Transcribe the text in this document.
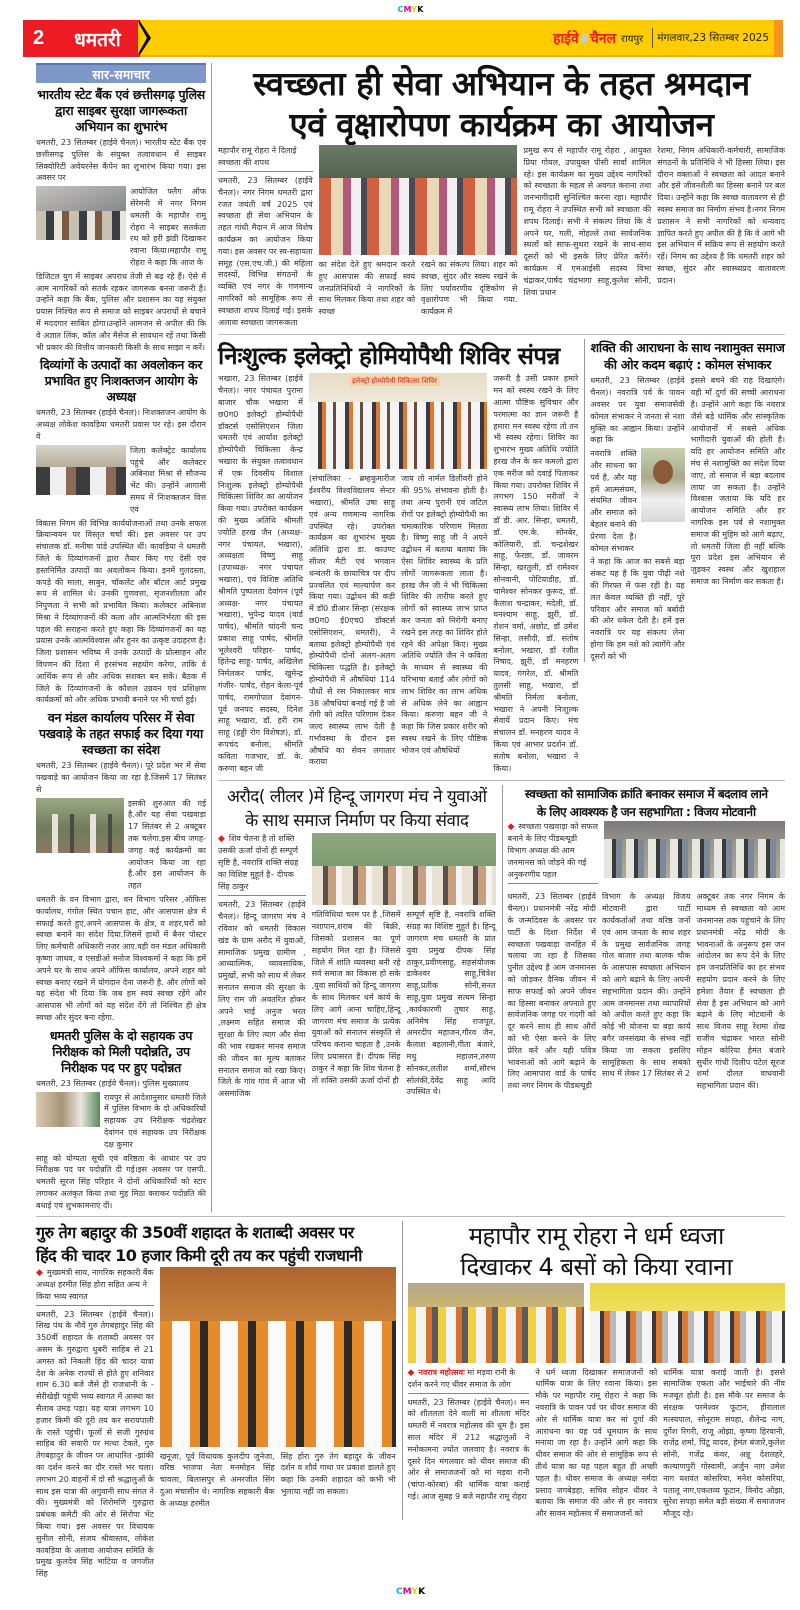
CMYK
2 धमतरी	हाईवे चैनल रायपुर मंगलवार,23 सितम्बर 2025
सार-समाचार
भारतीय स्टेट बैंक एवं छत्तीसगढ़ पुलिस द्वारा साइबर सुरक्षा जागरूकता अभियान का शुभारंभ
धमतरी, 23 सितम्बर (हाईवे चैनल)। भारतीय स्टेट बैंक एवं छत्तीसगढ़ पुलिस के संयुक्त तत्वावधान में साइबर सिक्योरिटी अवेयरनेस कैंपेन का शुभारंभ किया गया। इस अवसर पर
आयोजित फ्लैग ऑफ सेरेमनी में नगर निगम धमतरी के महापौर रामू रोहरा ने साइबर सतर्कता रथ को हरी झंडी दिखाकर रवाना किया।महापौर रामू रोहरा ने कहा कि आज के
डिजिटल युग में साइबर अपराध तेजी से बढ़ रहे हैं। ऐसे में आम नागरिकों को सतर्क रहकर जागरूक बनना जरूरी है। उन्होंने कहा कि बैंक, पुलिस और प्रशासन का यह संयुक्त प्रयास निश्चित रूप से समाज को साइबर अपराधों से बचाने में मददगार साबित होगा।उन्होंने आमजन से अपील की कि वे अज्ञात लिंक, कॉल और मैसेज से सावधान रहें तथा किसी भी प्रकार की वित्तीय जानकारी किसी के साथ साझा न करें।
दिव्यांगों के उत्पादों का अवलोकन कर प्रभावित हुए निःशक्तजन आयोग के अध्यक्ष
धमतरी, 23 सितम्बर (हाईवे चैनल)। निःशक्तजन आयोग के अध्यक्ष लोकेश कावड़िया धमतरी प्रवास पर रहे। इस दौरान वे
जिला कलेक्ट्रेट कार्यालय पहुंचे और कलेक्टर अबिनाश मिश्रा से सौजन्य भेंट की। उन्होंने आगामी समय में निःशक्तजन वित्त एवं
विकास निगम की विभिन्न कार्ययोजनाओं तथा उनके सफल क्रियान्वयन पर विस्तृत चर्चा की। इस अवसर पर उप संचालक डॉ. मनीषा पांडे उपस्थित थीं। कावड़िया ने धमतरी जिले के दिव्यांगजनों द्वारा तैयार किए गए देसी एवं हस्तनिर्मित उत्पादों का अवलोकन किया। इनमें गुलदस्ता, कपड़े की माला, साबुन, चॉकलेट और बॉटल आर्ट प्रमुख रूप से शामिल थे। उनकी गुणवत्ता, सृजनशीलता और निपुणता ने सभी को प्रभावित किया। कलेक्टर अबिनाश मिश्रा ने दिव्यांगजनों की कला और आत्मनिर्भरता की इस पहल की सराहना करते हुए कहा कि दिव्यांगजनों का यह प्रयास उनके आत्मविश्वास और हुनर का उत्कृष्ट उदाहरण है। जिला प्रशासन भविष्य में उनके उत्पादों के प्रोत्साहन और विपणन की दिशा में हरसंभव सहयोग करेगा, ताकि वे आर्थिक रूप से और अधिक सशक्त बन सकें। बैठक में जिले के दिव्यांगजनों के कौशल उन्नयन एवं प्रशिक्षण कार्यक्रमों को और अधिक प्रभावी बनाने पर भी चर्चा हुई।
वन मंडल कार्यालय परिसर में सेवा पखवाड़े के तहत सफाई कर दिया गया स्वच्छता का संदेश
धमतरी, 23 सितम्बर (हाईवे चैनल)। पूरे प्रदेश भर में सेवा पखवाड़े का आयोजन किया जा रहा है.जिसमें 17 सितंबर से
इसकी शुरुआत की गई है.और यह सेवा पखवाड़ा 17 सितंबर से 2 अक्टूबर तक चलेगा.इस बीच जगह-जगह कई कार्यक्रमों का आयोजन किया जा रहा है.और इस आयोजन के तहत
धमतरी के वन विभाग द्वारा, वन विभाग परिसर ,ऑफिस कार्यालय, गंगोल स्थित पचान हाट, और आसपास क्षेत्र में सफाई करते हुए,अपने आसपास के क्षेत्र, व शहर,घरों को स्वच्छ बनाने का संदेश दिया.जिसमें हाथों में बैनर पोस्टर लिए कर्मचारी अधिकारी नजर आए.वही वन मंडल अधिकारी कृष्णा जाधव, व एसडीओ मनोज विश्वकर्मा ने कहा कि हमें अपने घर के साथ अपने ऑफिस कार्यालय, अपने शहर को स्वच्छ बनाए रखने में योगदान देना जरूरी है. और लोगों को यह संदेश भी दिया कि जब हम स्वयं स्वच्छ रहेंगे और आसपास भी लोगों को यह संदेश देंगे तो निश्चित ही क्षेत्र स्वच्छ और सुंदर बना रहेगा.
धमतरी पुलिस के दो सहायक उप निरीक्षक को मिली पदोन्नति, उप निरीक्षक पद पर हुए पदोन्नत
धमतरी, 23 सितम्बर (हाईवे चैनल)। पुलिस मुख्यालय
रायपुर से आदेशानुसार धमतरी जिले में पुलिस विभाग के दो अधिकारियों सहायक उप निरीक्षक चंद्रशेखर देवांगन एवं सहायक उप निरीक्षक दक्ष कुमार
साहू को योग्यता सूची एवं वरिष्ठता के आधार पर उप निरीक्षक पद पर पदोन्नति दी गई।इस अवसर पर एसपी. धमतरी सूरज सिंह परिहार ने दोनों अधिकारियों को स्टार लगाकर अलंकृत किया तथा मुंह मिठा कराकर पदोन्नति की बधाई एवं शुभकामनाएं दीं।
स्वच्छता ही सेवा अभियान के तहत श्रमदान
एवं वृक्षारोपण कार्यक्रम का आयोजन
महापौर रामू रोहरा ने दिलाई स्वच्छता की शपथ
धमतरी, 23 सितम्बर (हाईवे चैनल)। नगर निगम धमतरी द्वारा रजत जयंती वर्ष 2025 एवं स्वच्छता ही सेवा अभियान के तहत गांधी मैदान में आज विशेष कार्यक्रम का आयोजन किया गया। इस अवसर पर स्व-सहायता समूह (एस.एच.जी.) की महिला सदस्यों, विभिन्न संगठनों के व्यक्ति एवं नगर के गणमान्य नागरिकों को सामूहिक रूप से स्वच्छता शपथ दिलाई गई। इसके अलावा स्वच्छता जागरूकता
का संदेश देते हुए श्रमदान करते हुए आसपास की सफाई स्वयं जनप्रतिनिधियों ने नागरिकों के साथ मिलकर किया तथा शहर को स्वच्छ
रखने का संकल्प लिया। शहर को स्वच्छ, सुंदर और स्वस्थ रखने के लिए पर्यावरणीय दृष्टिकोण से वृक्षारोपण भी किया गया. कार्यक्रम में
प्रमुख रूप से महापौर रामू रोहरा , आयुक्त प्रिया गोयल, उपायुक्त पीसी सार्वा शामिल रहे। इस कार्यक्रम का मुख्य उद्देश्य नागरिकों को स्वच्छता के महत्व से अवगत कराना तथा जनभागीदारी सुनिश्चित करना रहा। महापौर रामू रोहरा ने उपस्थित सभी को स्वच्छता की शपथ दिलाई। सभी ने संकल्प लिया कि वे अपने घर, गली, मोहल्ले तथा सार्वजनिक स्थलों को साफ-सुथरा रखने के साथ-साथ दूसरों को भी इसके लिए प्रेरित करेंगे।कार्यक्रम में एमआईसी सदस्य विभा चंद्राकर,पार्षद चंद्रभागा साहू,कुलेश सोनी, शिवा प्रधान
रेशमा, निगम अधिकारी-कर्मचारी, सामाजिक संगठनों के प्रतिनिधि ने भी हिस्सा लिया। इस दौरान वक्ताओं ने स्वच्छता को आदत बनाने और इसे जीवनशैली का हिस्सा बनाने पर बल दिया। उन्होंने कहा कि स्वच्छ वातावरण से ही स्वस्थ समाज का निर्माण संभव है।नगर निगम प्रशासन ने सभी नागरिकों को धन्यवाद ज्ञापित करते हुए अपील की है कि वे आगे भी इस अभियान में सक्रिय रूप से सहयोग करते रहें। निगम का उद्देश्य है कि धमतरी शहर को स्वच्छ, सुंदर और स्वास्थ्यप्रद वातावरण प्रदान।
निःशुल्क इलेक्ट्रो होमियोपैथी शिविर संपन्न
भखारा, 23 सितम्बर (हाईवे चैनल)। नगर पंचायत पुराना बाजार चौक भखारा में छ0ग0 इलेक्ट्रो होम्योपैथी डॉक्टर्स एसोसिएशन जिला धमतरी एवं आर्यांश इलेक्ट्रो होम्योपैथी चिकित्सा केन्द्र भखारा के संयुक्त तत्वावधान में एक दिवसीय विशाल निःशुल्क इलेक्ट्रो होम्योपैथी चिकित्सा शिविर का आयोजन किया गया। उपरोक्त कार्यक्रम की मुख्य अतिथि श्रीमती ज्योति हरख जैन (अध्यक्ष- नगर पंचायत, भखारा), अध्यक्षता विष्णु साहू (उपाध्यक्ष- नगर पंचायत भखारा), एवं विशिष्ट अतिथि श्रीमति पुष्पलता देवांगन (पूर्व अध्यक्ष- नगर पंचायत भखारा), भुपेन्द्र यादव (वार्ड पार्षद), श्रीमति चांदनी चन्द प्रकाश साहू पार्षद, श्रीमति भूलेश्वरी परिहार- पार्षद, हितेन्द्र साहू- पार्षद, अखिलेश निर्मलकर पार्षद, खुमेन्द्र गंजीर- पार्षद, रोहन केला-पूर्व पार्षद, रामगोपाल देवांगन- पूर्व जनपद सदस्य, दिनेश साहू भखारा, डॉ. हरी राम साहू (हड्डी रोग विशेषज्ञ), डॉ. रूपचंद बनोला, श्रीमति कविता गजभार, डॉ. के. करुणा बहन जी
इलेक्ट्रो होम्योपैथी चिकित्सा शिविर
(संचालिका - ब्रम्हकुमारीज ईश्वरीय विश्वविद्यालय सेन्टर भखारा), श्रीमति उषा साहू एवं अन्य गणमान्य नागरिक उपस्थित रहे। उपरोक्त कार्यक्रम का शुभारंभ मुख्य अतिथि द्वारा डा. काउण्ट सीजर मैटी एवं भगवान धन्वंतरी के छायाचित्र पर दीप प्रज्वलित एवं माल्यार्पण कर किया गया। उद्बोधन की कड़ी में डॉ0 डीआर सिन्हा (संरक्षक छ0ग0 ई0एच0 डॉक्टर्स एसोसिएशन, धमतरी), ने बताया इलेक्ट्रो होम्योपैथी एवं होम्योपैथी दोनों अलग-अलग चिकित्सा पद्धति है। इलेक्ट्रो होम्योपैथी में औषधियां 114 पौधों से रस निकालकर मात्र 38 औषधियां बनाई गई है जो रोगी को त्वरित परिणाम देकर जल्द स्वास्थ्य लाभ देती है गर्भावस्था के दौरान इस औषधि का सेवन लगातार कराया
जाय तो नार्मल डिलीवरी होने की 95% संभावना होती है। तथा अन्य पुरानी एवं जटिल रोगों पर इलेक्ट्रो होम्योपैथी का चमत्कारिक परिणाम मिलता है। विष्णु साहू जी ने अपने उद्बोधन में बताया बताया कि ऐसा शिविर स्वास्थ्य के प्रति लोगों जागरूकता लाता है। हरख जैन जी ने भी चिकित्सा शिविर की तारीफ करते हुए लोगों को स्वास्थ्य लाभ प्राप्त कर जनता को निरोगी बनाए रखने इस तरह का शिविर होते रहने की अपेक्षा किए। मुख्य अतिथि ज्योति जैन ने कविता के माध्यम से स्वास्थ्य की परिभाषा बताई और लोगों को लाभ शिविर का लाभ अधिक से अधिक लेने का आह्वान किया। करुणा बहन जी ने कहा कि जिस प्रकार शरीर को स्वस्थ रखने के लिए पौष्टिक भोजन एवं औषधियों
जरूरी है उसी प्रकार हमारे मन को स्वस्थ रखने के लिए आत्मा पौष्टिक सुविचार और परमात्मा का ज्ञान जरूरी है हमारा मन स्वस्थ रहेगा तो तन भी स्वस्थ रहेगा। शिविर का शुभारंभ मुख्य अतिथि ज्योति हरख जैन के कर कमलो द्वारा एक मरीज को दवाई पिलाकर किया गया। उपरोक्त शिविर में लगभग 150 मरीजों ने स्वास्थ्य लाभ लिया। शिविर में डॉ डी. आर. सिन्हा, धमतरी, डॉ. एम.के. सोनबेर, कोलियारी, डॉ. चन्द्रशेखर साहू, फेरछा, डॉ. जावरम सिन्हा, खरतुली, डॉ रामेश्वर सोनवानी, पोटियाडीह, डॉ. चामेश्वर सोनकर कुरूद, डॉ. कैलाश चन्द्राकर, मंदेली, डॉ. घनश्याम साहू, झुरी, डॉ. रोशन वर्मा, अछोट, डॉ उमेश सिन्हा, लसौदी, डॉ. संतोष बनोला, भखारा, डॉ रंजीत निषाद, झुरी, डॉ मनहरण यादव, गंगरेल, डॉ. श्रीमति तुलसी साहू, भखारा, डॉ श्रीमति निर्मला बनोला, भखारा ने अपनी निःशुल्क सेवायें प्रदान किए। मंच संचालन डॉ. मनहरण यादव ने किया एवं आभार प्रदर्शन डॉ. संतोष बनोला, भखारा ने किया।
शक्ति की आराधना के साथ नशामुक्त समाज
की ओर कदम बढ़ाएं : कोमल संभाकर
धमतरी, 23 सितम्बर (हाईवे चैनल)। नवरात्रि पर्व के पावन अवसर पर युवा समाजसेवी कोमल संभाकर ने जनता से नशा मुक्ति का आह्वान किया। उन्होंने कहा कि
नवरात्रि शक्ति और साधना का पर्व है, और यह हमें आत्मसंयम, संयमित जीवन और समाज को बेहतर बनाने की प्रेरणा देता है। कोमल संभाकर
ने कहा कि आज का सबसे बड़ा संकट यह है कि युवा पीढ़ी नशे की गिरफ्त में फंस रही है। यह लत केवल व्यक्ति ही नहीं, पूरे परिवार और समाज को बर्बादी की ओर धकेल देती है। हमें इस नवरात्रि पर यह संकल्प लेना होगा कि हम नशे को त्यागेंगे और दूसरों को भी
इससे बचने की राह दिखाएंगे। यही माँ दुर्गा की सच्ची आराधना है। उन्होंने आगे कहा कि नवरात्र जैसे बड़े धार्मिक और सांस्कृतिक आयोजनों में सबसे अधिक भागीदारी युवाओं की होती है। यदि हर आयोजन समिति और मंच से नशामुक्ति का संदेश दिया जाए, तो समाज में बड़ा बदलाव लाया जा सकता है। उन्होंने विश्वास जताया कि यदि हर आयोजन समिति और हर नागरिक इस पर्व से नशामुक्त समाज की मुहिम को आगे बढ़ाए, तो धमतरी जिला ही नहीं बल्कि पूरा प्रदेश इस अभियान से जुड़कर स्वस्थ और खुशहाल समाज का निर्माण कर सकता है।
अरौद( लीलर )में हिन्दू जागरण मंच ने युवाओं
के साथ समाज निर्माण पर किया संवाद
◆ शिव चेतना है तो शक्ति उसकी ऊर्जा दोनों ही सम्पूर्ण सृष्टि है, नवरात्रि शक्ति संग्रह का विशिष्ट मुहूर्त है– दीपक सिंह ठाकुर
धमतरी, 23 सितम्बर (हाईवे चैनल)। हिन्दू जागरण मंच ने रविवार को धमतरी विकास खंड के ग्राम अरौद में युवाओं, सामाजिक प्रमुख ग्रामीण , आध्यात्मिक, व्यावसायिक, प्रमुखों, सभी को साथ में लेकर सनातन समाज की सुरक्षा के लिए राम जी अवतरित होकर अपने भाई अनुज भरत ,लक्ष्मण सहित समाज की सुरक्षा के लिए त्याग और सेवा की भाव रखकर मानव समाज की जीवन का मूल्य बताकर सनातन समाज को रखा किए। जिले के गांव गांव में आज भी असमाजिक
गतिविधियां चरम पर है ,जिसमें नशापान,शराब की बिक्री, जिसको प्रशासन का पूर्ण सहयोग मिल रहा है। जिससे जिले में शांति व्यवस्था बनी रहे सर्व समाज का विकास हो सके ,युवा साथियों को हिन्दू जागरण के साथ मिलकर धर्म कार्य के लिए आगे आना चाहिए,हिन्दू जागरण मंच समाज के प्रत्येक युवाओं को सनातन संस्कृति से परिचय कराना चाहता है ,उनके लिए प्रयासरत है। दीपक सिंह ठाकुर ने कहा कि शिव चेतना है तो शक्ति उसकी ऊर्जा दोनों ही
सम्पूर्ण सृष्टि है, नवरात्रि शक्ति संग्रह का विशिष्ट मुहूर्त है। हिन्दू जागरण मंच धमतरी के प्रांत युवा प्रमुख दीपक सिंह ठाकुर,प्रवीणसाहू, सहसंयोजक डाकेश्वर साहू,चित्रेश साहू,प्रतीक सोनी,सनत साहू,युवा प्रमुख सत्यम सिन्हा ,कार्यकारणी तुषार साहू, अनिमेष सिंह राजपूत, अमरदीप महाजन,गौरव जैन, कैलाश बहलानी,गीता बंजारे, मधु महाजन,तरुण सोनकर,लतीश शर्मा,सौरभ सोलंकी,देवेंद्र साहू आदि उपस्थित थे।
स्वच्छता को सामाजिक क्रांति बनाकर समाज में बदलाव लाने
के लिए आवश्यक है जन सहभागिता : विजय मोटवानी
◆ स्वच्छता पखवाड़ा को सफल बनाने के लिए पीडब्ल्यूडी विभाग अध्यक्ष की आम जनमानस को जोड़ने की गई अनुकरणीय पहल
धमतरी, 23 सितम्बर (हाईवे चैनल)। प्रधानमंत्री नरेंद्र मोदी के जन्मदिवस के अवसर पर पार्टी के दिशा निर्देश में स्वच्छता पखवाड़ा जनहित में चलाया जा रहा है जिसका पुनीत उद्देश्य है आम जनमानस को जोड़कर दैनिक जीवन में साफ सफाई को अपने जीवन का हिस्सा बनाकर अपनाते हुए सार्वजनिक जगह पर गंदगी को दूर करने साथ ही साथ औरों को भी ऐसा करने के लिए प्रेरित करें और यही पवित्र भावनाओं को आगे बढ़ाने के लिए आमापारा वार्ड के पार्षद तथा नगर निगम के पीडब्ल्यूडी
विभाग के अध्यक्ष विजय मोटवानी द्वारा पार्टी कार्यकर्ताओं तथा वरिष्ठ जनों एवं आम जनता के साथ शहर के प्रमुख सार्वजनिक जगह गोल बाजार तथा बालक चौक के आसपास स्वच्छता अभियान को आगे बढ़ाने के लिए अपनी सहभागिता प्रदान की। उन्होंने आम जनमानस तथा व्यापारियों को अपील करते हुए कहा कि कोई भी योजना या बड़ा कार्य बगैर जनसंख्या के संभव नहीं किया जा सकता इसलिए सामूहिकता के साथ सबको साथ में लेकर 17 सितंबर से 2
अक्टूबर तक नगर निगम के माध्यम से स्वच्छता को आम जनमानस तक पहुंचाने के लिए प्रधानमंत्री नरेंद्र मोदी के भावनाओं के अनुरूप इस जन आंदोलन का रूप देने के लिए हम जनप्रतिनिधि का हर संभव सहयोग प्रदान करने के लिए हमेशा तैयार हैं स्वच्छता ही सेवा है इस अभियान को आगे बढ़ाने के लिए मोटवानी के साथ विजय साहू रेशमा शेख राजीव चंद्राकर भारत सोनी मोहन कोरिया हेमंत बंजारे सुधीर गांधी दिलीप पटेल सूरज शर्मा दौलत वाधवानी सहभागिता प्रदान की।
गुरु तेग बहादुर की 350वीं शहादत के शताब्दी अवसर पर
हिंद की चादर 10 हजार किमी दूरी तय कर पहुंची राजधानी
◆ मुख्यमंत्री साय, नागरिक सहकारी बैंक अध्यक्ष हरमीत सिंह होरा सहित अन्य ने किया भव्य स्वागत
धमतरी, 23 सितम्बर (हाईवे चैनल)। सिख पंथ के नौवें गुरु तेगबहादुर सिंह की 350वीं शहादत के शताब्दी अवसर पर असम के गुरुद्वारा धुबरी साहिब से 21 अगस्त को निकली हिंद की चादर यात्रा देश के अनेक राज्यों से होते हुए शनिवार शाम 6.30 बजे जैसे ही राजधानी के - सेरीखेड़ी पहुंची भव्य स्वागत में आस्था का सैलाब उमड़ पड़ा। यह यात्रा लगभग 10 हजार किमी की दूरी तय कर सरायपाली के रास्ते पहुंची। फूलों से सजी गुरुग्रंथ साहिब की सवारी पर मत्था टेकते, गुरु तेगबहादुर के जीवन पर आधारित -झांकी का दर्शन करने का दौर रास्ते भर चला। लगभग 20 वाहनों में दो सौ श्रद्धालुओं के साथ इस यात्रा की अगुवानी साध संगत ने की। मुख्यमंत्री को शिरोमणि गुरुद्वारा प्रबंधक कमेटी की ओर से सिरोपा भेंट किया गया। इस अवसर पर विधायक सुनील सोनी, संजय श्रीवास्तव, लोकेश कावड़िया के अलावा आयोजन समिति के प्रमुख कुलदेव सिंह भाटिया व जगजीत सिंह
खनूजा, पूर्व विधायक कुलदीप जुनेजा, वरिष्ठ भाजपा नेता मनमोहन सिंह चावला, बिलासपुर से अमरजीत सिंग दुआ मंचासीन थे। नागरिक सहकारी बैंक के अध्यक्ष हरमीत
सिंह होरा गुरु तेग बहादुर के जीवन दर्शन व शौर्य गाथा पर प्रकाश डालते हुए कहा कि उनकी शहादत को कभी भी भुलाया नहीं जा सकता।
महापौर रामू रोहरा ने धर्म ध्वजा
दिखाकर 4 बसों को किया रवाना
◆ नवरात्र महोत्सवः मां मड़वा रानी के दर्शन करने गए धीवर समाज के लोग
धमतरी, 23 सितम्बर (हाईवे चैनल)। मन को शीतलता देने वाली मां शीतला मंदिर धमतरी में नवरात्र महोत्सव की धूम है। इस साल मंदिर में 212 श्रद्धालुओं ने मनोकामना ज्योत जलवाए है। नवरात्र के दूसरे दिन मंगलवार को धीवर समाज की ओर से समाजजनों को मां मड़वा रानी (चांपा-कोरबा) की धार्मिक यात्रा कराई गई। आज सुबह 9 बजे महापौर रामू रोहरा
ने धर्म ध्वजा दिखाकर समाजजनों को धार्मिक यात्रा के लिए रवाना किया। इस मौके पर महापौर रामू रोहरा ने कहा कि नवरात्रि के पावन पर्व पर धीवर समाज की ओर से धार्मिक यात्रा कर मां दुर्गा की आराधना का यह पर्व धूमधाम के साथ मनाया जा रहा है। उन्होंने आगे कहा कि धीवर समाज की ओर से सामूहिक रूप से तीर्थ यात्रा का यह पहल बहुत ही अच्छी पहल है। धीवर समाज के अध्यक्ष नर्मदा प्रसाद जगबेड़हा, सचिव सोहन धीवर ने बताया कि समाज की ओर से हर नवरात्र और सावन महोत्सव में समाजजनों को
धार्मिक यात्रा कराई जाती है। इससे सामाजिक एकता और भाईचारे की नींव मजबूत होती है। इस मौके पर समाज के संरक्षक परमेश्वर फूटान, हीरालाल मत्स्यपाल, सोनूराम सपहा, शैलेन्द्र नाग, दुर्गेश रिगरी, राजू ओझा, कृष्णा हिरवानी, राजेंद्र शर्मा, पिंटू यादव, हेमंत बंजारे,कुलेश सोनी, गजेंद्र कंवर, अन्नू देशलहरे, कल्याणपुरी गोस्वामी, अर्जुन नाग उमेश नाग यशवंत कोसरिया, मनेश कोसरिया, पतालू नाग,एकलव्य फूटान, विनोद ओझा, सुरेश सपहा समेत बड़ी संख्या में समाजजन मौजूद रहे।
CMYK
